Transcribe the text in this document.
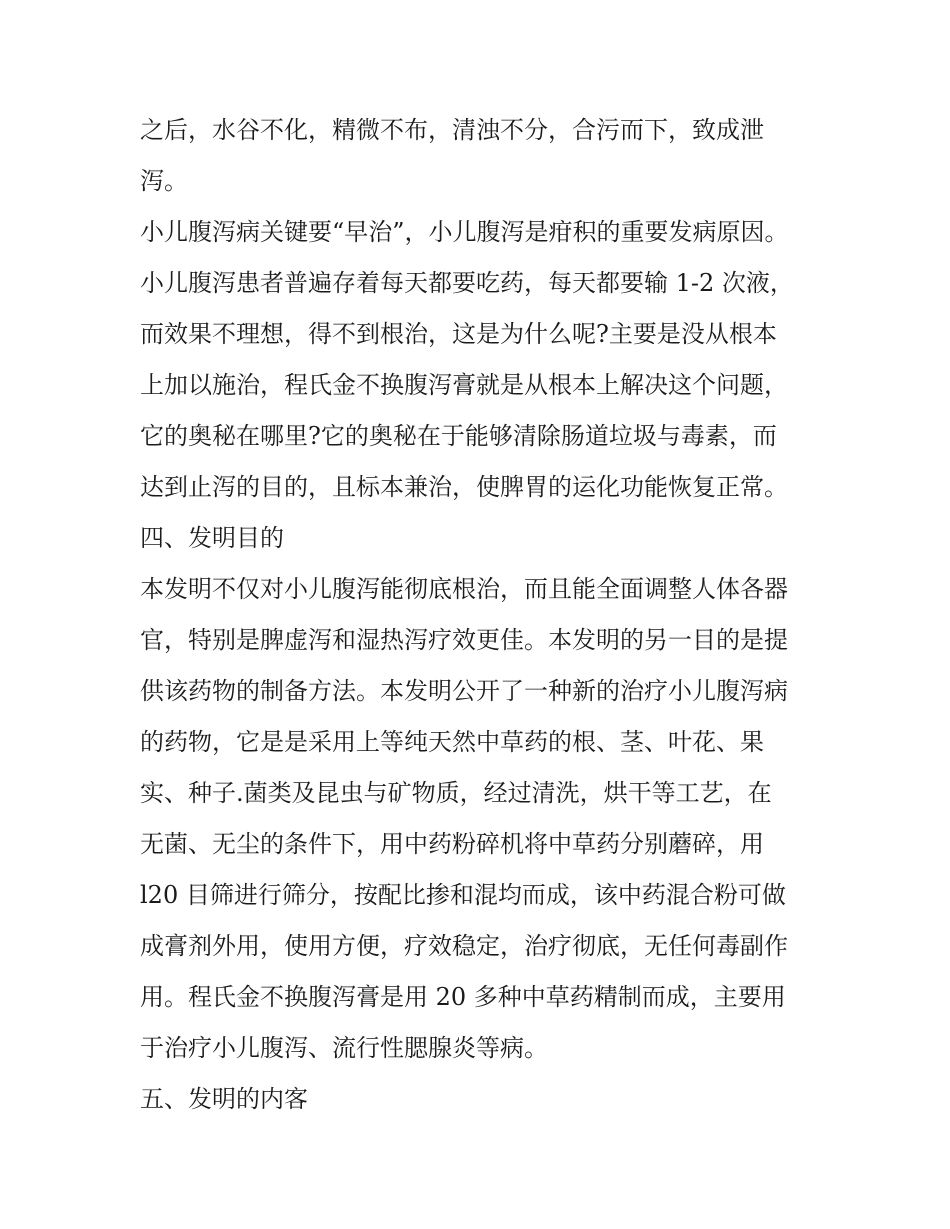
之后，水谷不化，精微不布，清浊不分，合污而下，致成泄
泻。
小儿腹泻病关键要“早治”，小儿腹泻是疳积的重要发病原因。
小儿腹泻患者普遍存着每天都要吃药，每天都要输 1-2 次液，
而效果不理想，得不到根治，这是为什么呢?主要是没从根本
上加以施治，程氏金不换腹泻膏就是从根本上解决这个问题，
它的奥秘在哪里?它的奥秘在于能够清除肠道垃圾与毒素，而
达到止泻的目的，且标本兼治，使脾胃的运化功能恢复正常。
四、发明目的
本发明不仅对小儿腹泻能彻底根治，而且能全面调整人体各器
官，特别是脾虚泻和湿热泻疗效更佳。本发明的另一目的是提
供该药物的制备方法。本发明公开了一种新的治疗小儿腹泻病
的药物，它是是采用上等纯天然中草药的根、茎、叶花、果
实、种子.菌类及昆虫与矿物质，经过清洗，烘干等工艺，在
无菌、无尘的条件下，用中药粉碎机将中草药分别蘑碎，用
l20 目筛进行筛分，按配比掺和混均而成，该中药混合粉可做
成膏剂外用，使用方便，疗效稳定，治疗彻底，无任何毒副作
用。程氏金不换腹泻膏是用 20 多种中草药精制而成，主要用
于治疗小儿腹泻、流行性腮腺炎等病。
五、发明的内客
